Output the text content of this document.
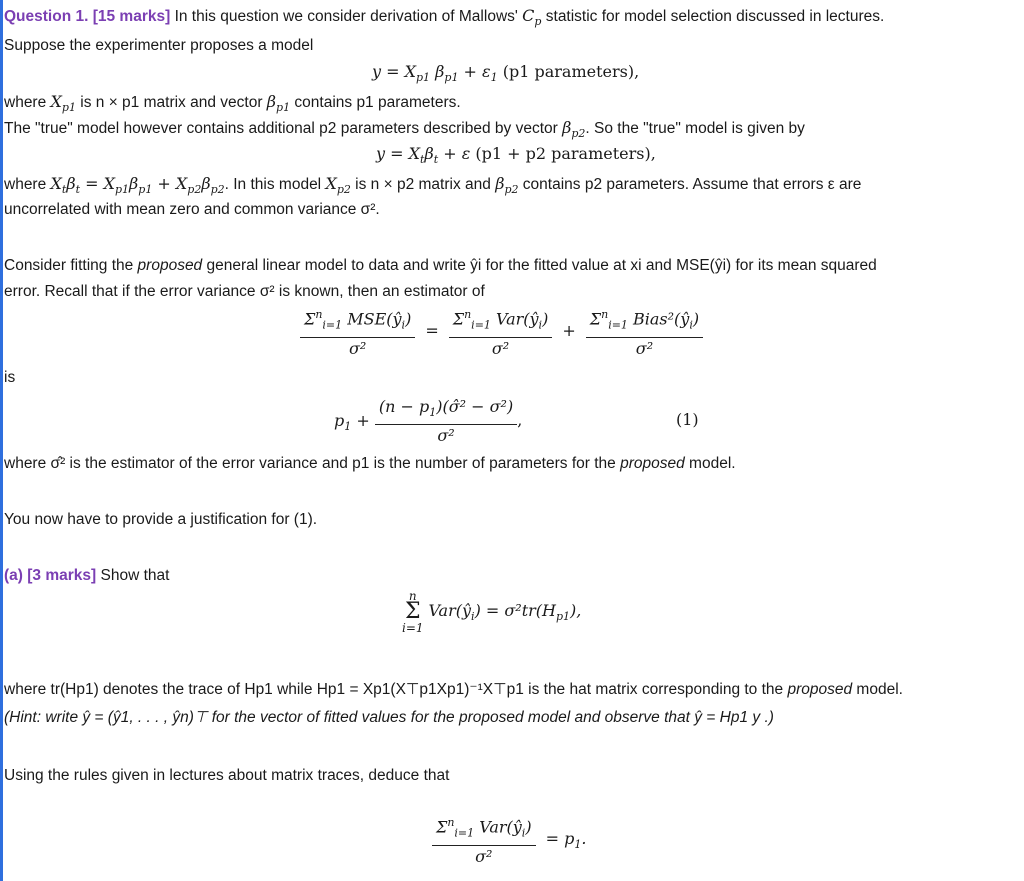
Question 1. [15 marks] In this question we consider derivation of Mallows' $C_p$ statistic for model selection discussed in lectures.
Suppose the experimenter proposes a model
$y = X_{p1}$ $\beta_{p1} + \varepsilon_1$ (p1 parameters),
where $X_{p1}$ is n × p1 matrix and vector $\beta_{p1}$ contains p1 parameters.
The "true" model however contains additional p2 parameters described by vector $\beta_{p2}$. So the "true" model is given by
$y = X_t\beta_t + \varepsilon$ (p1 + p2 parameters),
where $X_t\beta_t = X_{p1}\beta_{p1} + X_{p2}\beta_{p2}$. In this model $X_{p2}$ is n × p2 matrix and $\beta_{p2}$ contains p2 parameters. Assume that errors ε are
uncorrelated with mean zero and common variance σ².
Consider fitting the proposed general linear model to data and write ŷi for the fitted value at xi and MSE(ŷi) for its mean squared
error. Recall that if the error variance σ² is known, then an estimator of
$\frac{\Sigma^n_{i=1} MSE(ŷ_i)}{\text{σ²}} = \frac{\Sigma^n_{i=1} Var(ŷ_i)}{\text{σ²}} + \frac{\Sigma^n_{i=1} Bias^2(ŷ_i)}{\text{σ²}}$
is
$p_1 + \frac{(n - p_1)(\sigmâ^2 - \sigma^2)}{\text{σ²}}$ ,	(1)
where σ̂² is the estimator of the error variance and p1 is the number of parameters for the proposed model.
You now have to provide a justification for (1).
(a) [3 marks] Show that
n
Σ
i=1
$Var(ŷ_i) = \sigma^2tr(H_{p1})$,
where tr(Hp1) denotes the trace of Hp1 while Hp1 = Xp1(X⊤p1Xp1)⁻¹X⊤p1 is the hat matrix corresponding to the proposed model.
(Hint: write ŷ = (ŷ1, . . . , ŷn)⊤ for the vector of fitted values for the proposed model and observe that ŷ = Hp1 y .)
Using the rules given in lectures about matrix traces, deduce that
$\frac{\Sigma^n_{i=1} Var(ŷ_i)}{\text{σ²}} = p_1$.
